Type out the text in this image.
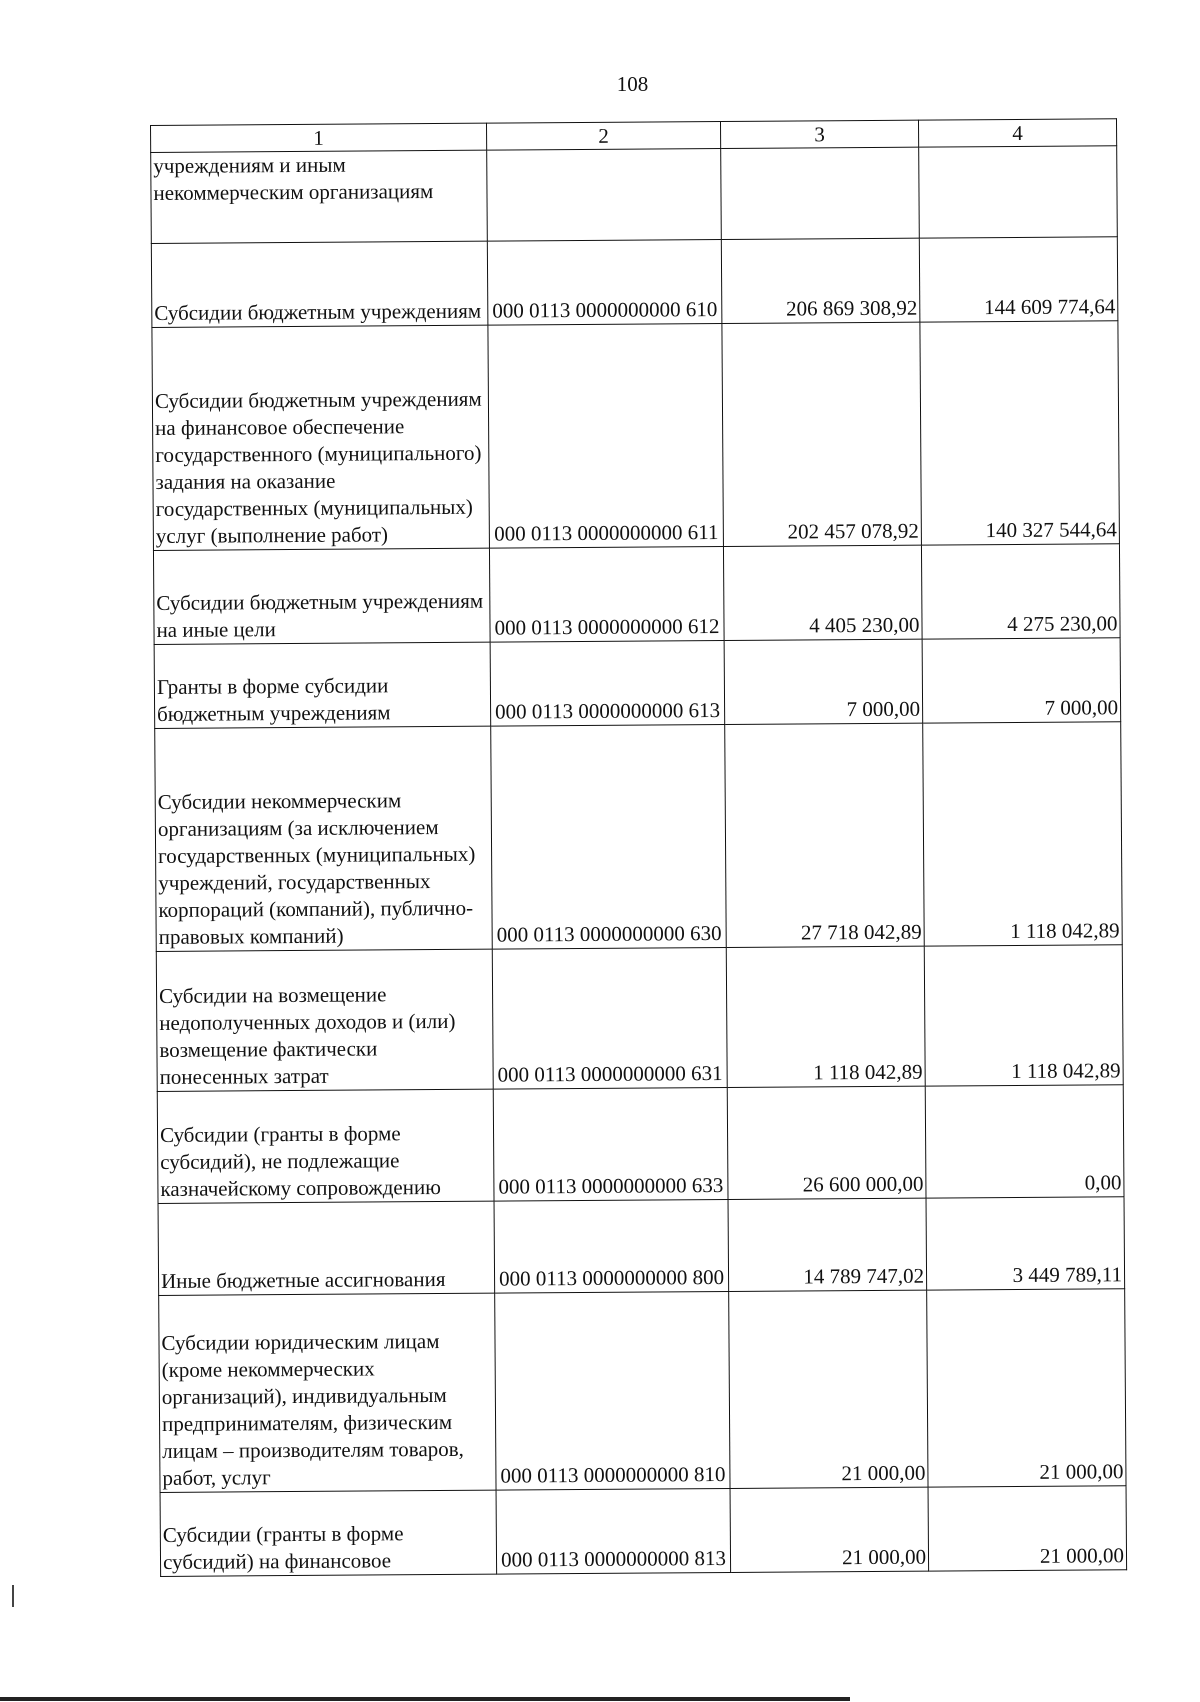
108
1	2	3	4
учреждениям и иным некоммерческим организациям			
Субсидии бюджетным учреждениям	000 0113 0000000000 610	206 869 308,92	144 609 774,64
Субсидии бюджетным учреждениям на финансовое обеспечение государственного (муниципального) задания на оказание государственных (муниципальных) услуг (выполнение работ)	000 0113 0000000000 611	202 457 078,92	140 327 544,64
Субсидии бюджетным учреждениям на иные цели	000 0113 0000000000 612	4 405 230,00	4 275 230,00
Гранты в форме субсидии бюджетным учреждениям	000 0113 0000000000 613	7 000,00	7 000,00
Субсидии некоммерческим организациям (за исключением государственных (муниципальных) учреждений, государственных корпораций (компаний), публично-правовых компаний)	000 0113 0000000000 630	27 718 042,89	1 118 042,89
Субсидии на возмещение недополученных доходов и (или) возмещение фактически понесенных затрат	000 0113 0000000000 631	1 118 042,89	1 118 042,89
Субсидии (гранты в форме субсидий), не подлежащие казначейскому сопровождению	000 0113 0000000000 633	26 600 000,00	0,00
Иные бюджетные ассигнования	000 0113 0000000000 800	14 789 747,02	3 449 789,11
Субсидии юридическим лицам (кроме некоммерческих организаций), индивидуальным предпринимателям, физическим лицам – производителям товаров, работ, услуг	000 0113 0000000000 810	21 000,00	21 000,00
Субсидии (гранты в форме субсидий) на финансовое	000 0113 0000000000 813	21 000,00	21 000,00
